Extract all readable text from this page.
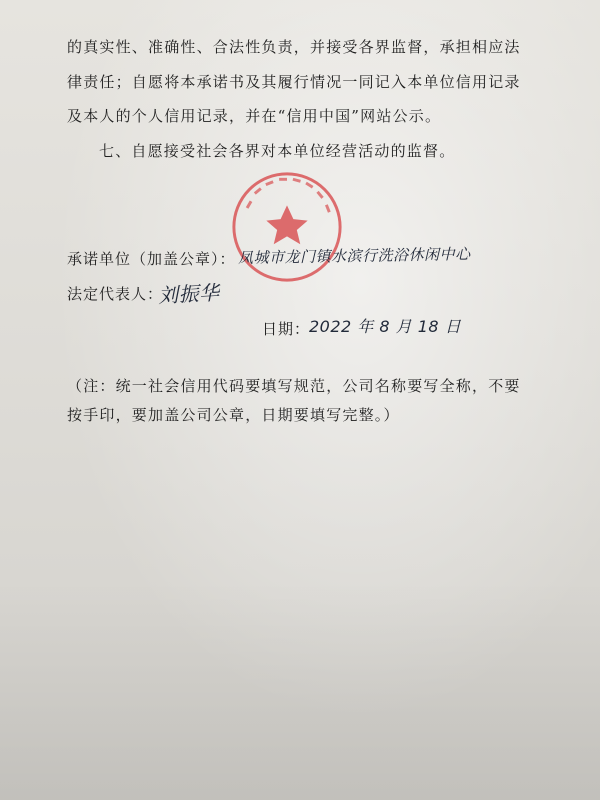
的真实性、准确性、合法性负责，并接受各界监督，承担相应法
律责任；自愿将本承诺书及其履行情况一同记入本单位信用记录
及本人的个人信用记录，并在“信用中国”网站公示。
七、自愿接受社会各界对本单位经营活动的监督。
承诺单位（加盖公章）： 凤城市龙门镇水滨行洗浴休闲中心
法定代表人：
刘振华
日期：
2022 年 8 月 18 日
（注：统一社会信用代码要填写规范，公司名称要写全称，不要
按手印，要加盖公司公章，日期要填写完整。）
